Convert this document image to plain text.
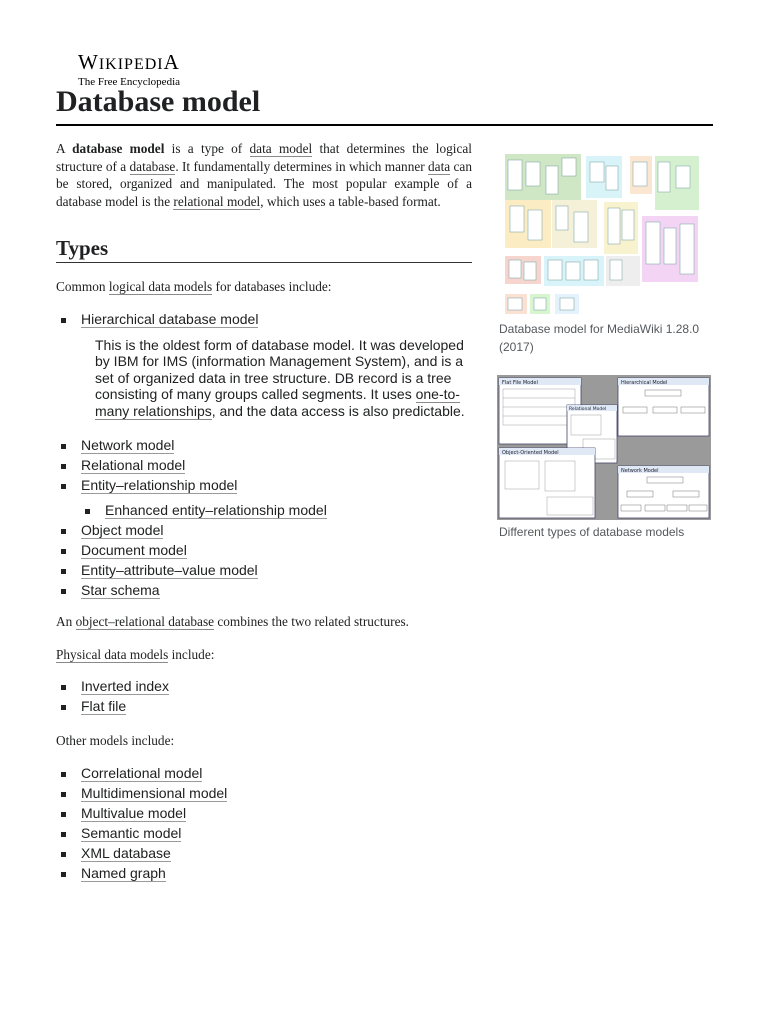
WIKIPEDIA
The Free Encyclopedia
Database model

A database model is a type of data model that determines the logical structure of a database. It fundamentally determines in which manner data can be stored, organized and manipulated. The most popular example of a database model is the relational model, which uses a table-based format.

Types

Common logical data models for databases include:

Hierarchical database model
This is the oldest form of database model. It was developed by IBM for IMS (information Management System), and is a set of organized data in tree structure. DB record is a tree consisting of many groups called segments. It uses one-to-many relationships, and the data access is also predictable.
Network model
Relational model
Entity–relationship model
Enhanced entity–relationship model
Object model
Document model
Entity–attribute–value model
Star schema

An object–relational database combines the two related structures.

Physical data models include:

Inverted index
Flat file

Other models include:

Correlational model
Multidimensional model
Multivalue model
Semantic model
XML database
Named graph
Database model for MediaWiki 1.28.0 (2017)
Flat File Model	Hierarchical Model
Relational Model
Object-Oriented Model
Network Model
Different types of database models
